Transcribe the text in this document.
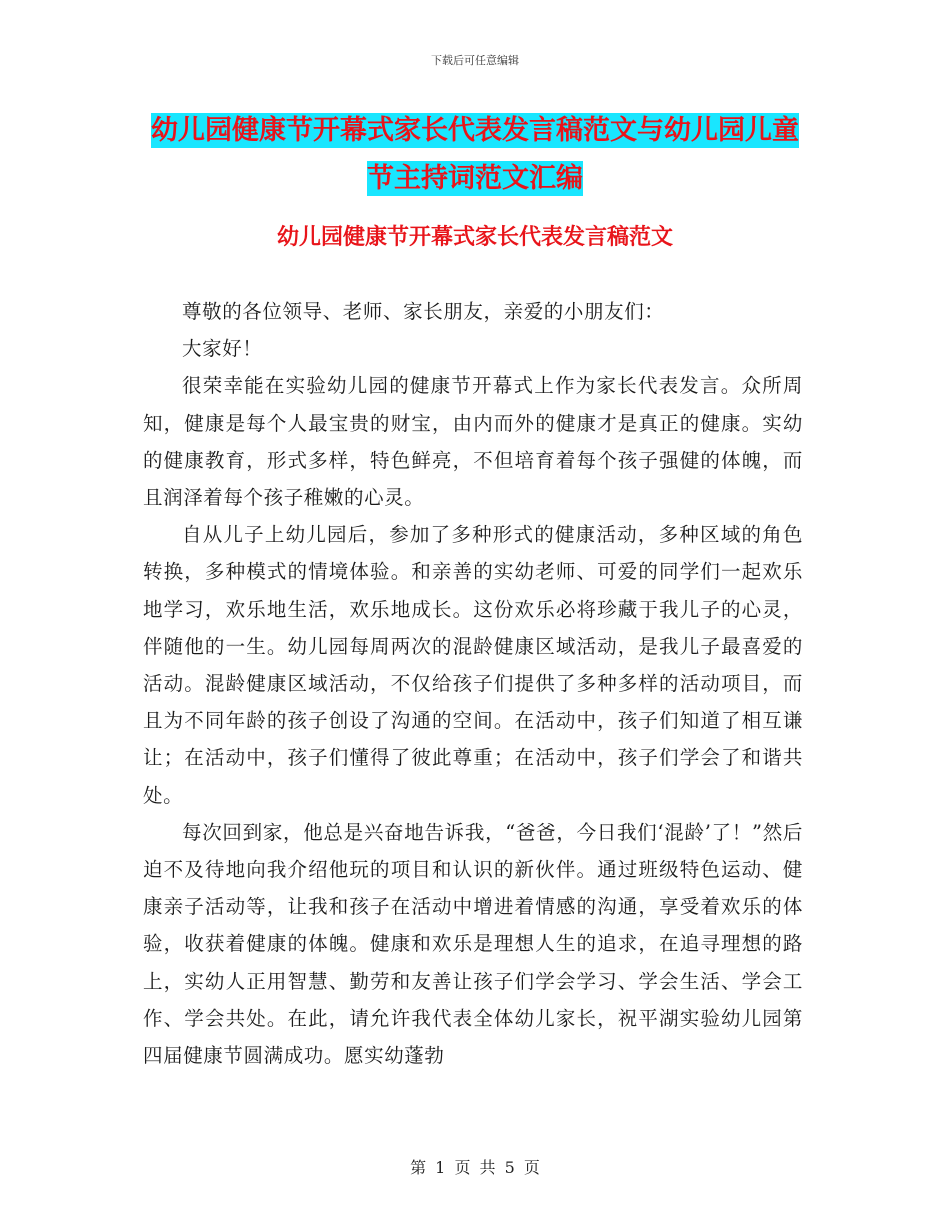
下载后可任意编辑
幼儿园健康节开幕式家长代表发言稿范文与幼儿园儿童节主持词范文汇编
幼儿园健康节开幕式家长代表发言稿范文

尊敬的各位领导、老师、家长朋友，亲爱的小朋友们：

大家好！

很荣幸能在实验幼儿园的健康节开幕式上作为家长代表发言。众所周知，健康是每个人最宝贵的财宝，由内而外的健康才是真正的健康。实幼的健康教育，形式多样，特色鲜亮，不但培育着每个孩子强健的体魄，而且润泽着每个孩子稚嫩的心灵。

自从儿子上幼儿园后，参加了多种形式的健康活动，多种区域的角色转换，多种模式的情境体验。和亲善的实幼老师、可爱的同学们一起欢乐地学习，欢乐地生活，欢乐地成长。这份欢乐必将珍藏于我儿子的心灵，伴随他的一生。幼儿园每周两次的混龄健康区域活动，是我儿子最喜爱的活动。混龄健康区域活动，不仅给孩子们提供了多种多样的活动项目，而且为不同年龄的孩子创设了沟通的空间。在活动中，孩子们知道了相互谦让；在活动中，孩子们懂得了彼此尊重；在活动中，孩子们学会了和谐共处。

每次回到家，他总是兴奋地告诉我，“爸爸，今日我们‘混龄’了！”然后迫不及待地向我介绍他玩的项目和认识的新伙伴。通过班级特色运动、健康亲子活动等，让我和孩子在活动中增进着情感的沟通，享受着欢乐的体验，收获着健康的体魄。健康和欢乐是理想人生的追求，在追寻理想的路上，实幼人正用智慧、勤劳和友善让孩子们学会学习、学会生活、学会工作、学会共处。在此，请允许我代表全体幼儿家长，祝平湖实验幼儿园第四届健康节圆满成功。愿实幼蓬勃

第 1 页 共 5 页
